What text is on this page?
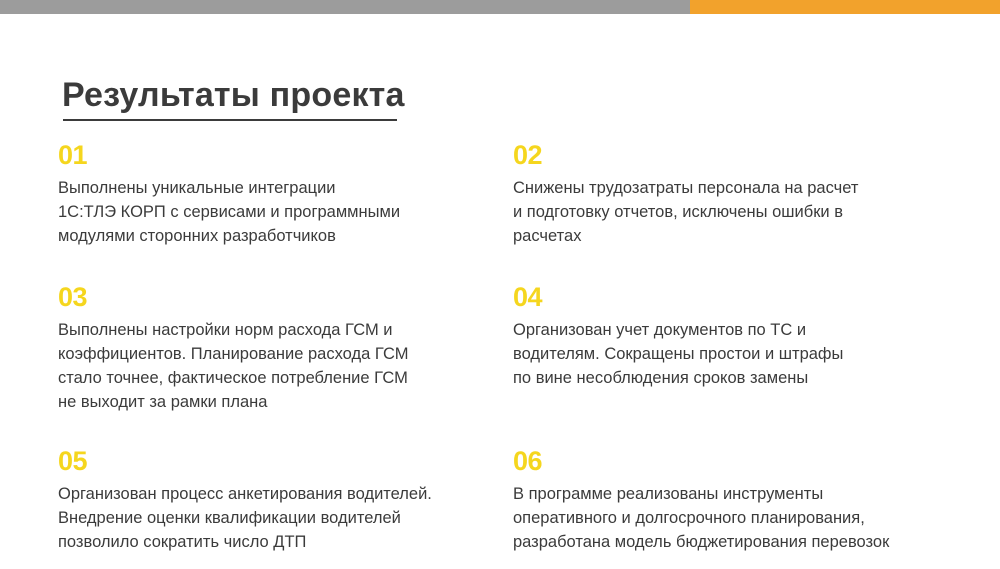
Результаты проекта
01
Выполнены уникальные интеграции
1С:ТЛЭ КОРП с сервисами и программными
модулями сторонних разработчиков
03
Выполнены настройки норм расхода ГСМ и
коэффициентов. Планирование расхода ГСМ
стало точнее, фактическое потребление ГСМ
не выходит за рамки плана
05
Организован процесс анкетирования водителей.
Внедрение оценки квалификации водителей
позволило сократить число ДТП
02
Снижены трудозатраты персонала на расчет
и подготовку отчетов, исключены ошибки в
расчетах
04
Организован учет документов по ТС и
водителям. Сокращены простои и штрафы
по вине несоблюдения сроков замены
06
В программе реализованы инструменты
оперативного и долгосрочного планирования,
разработана модель бюджетирования перевозок
